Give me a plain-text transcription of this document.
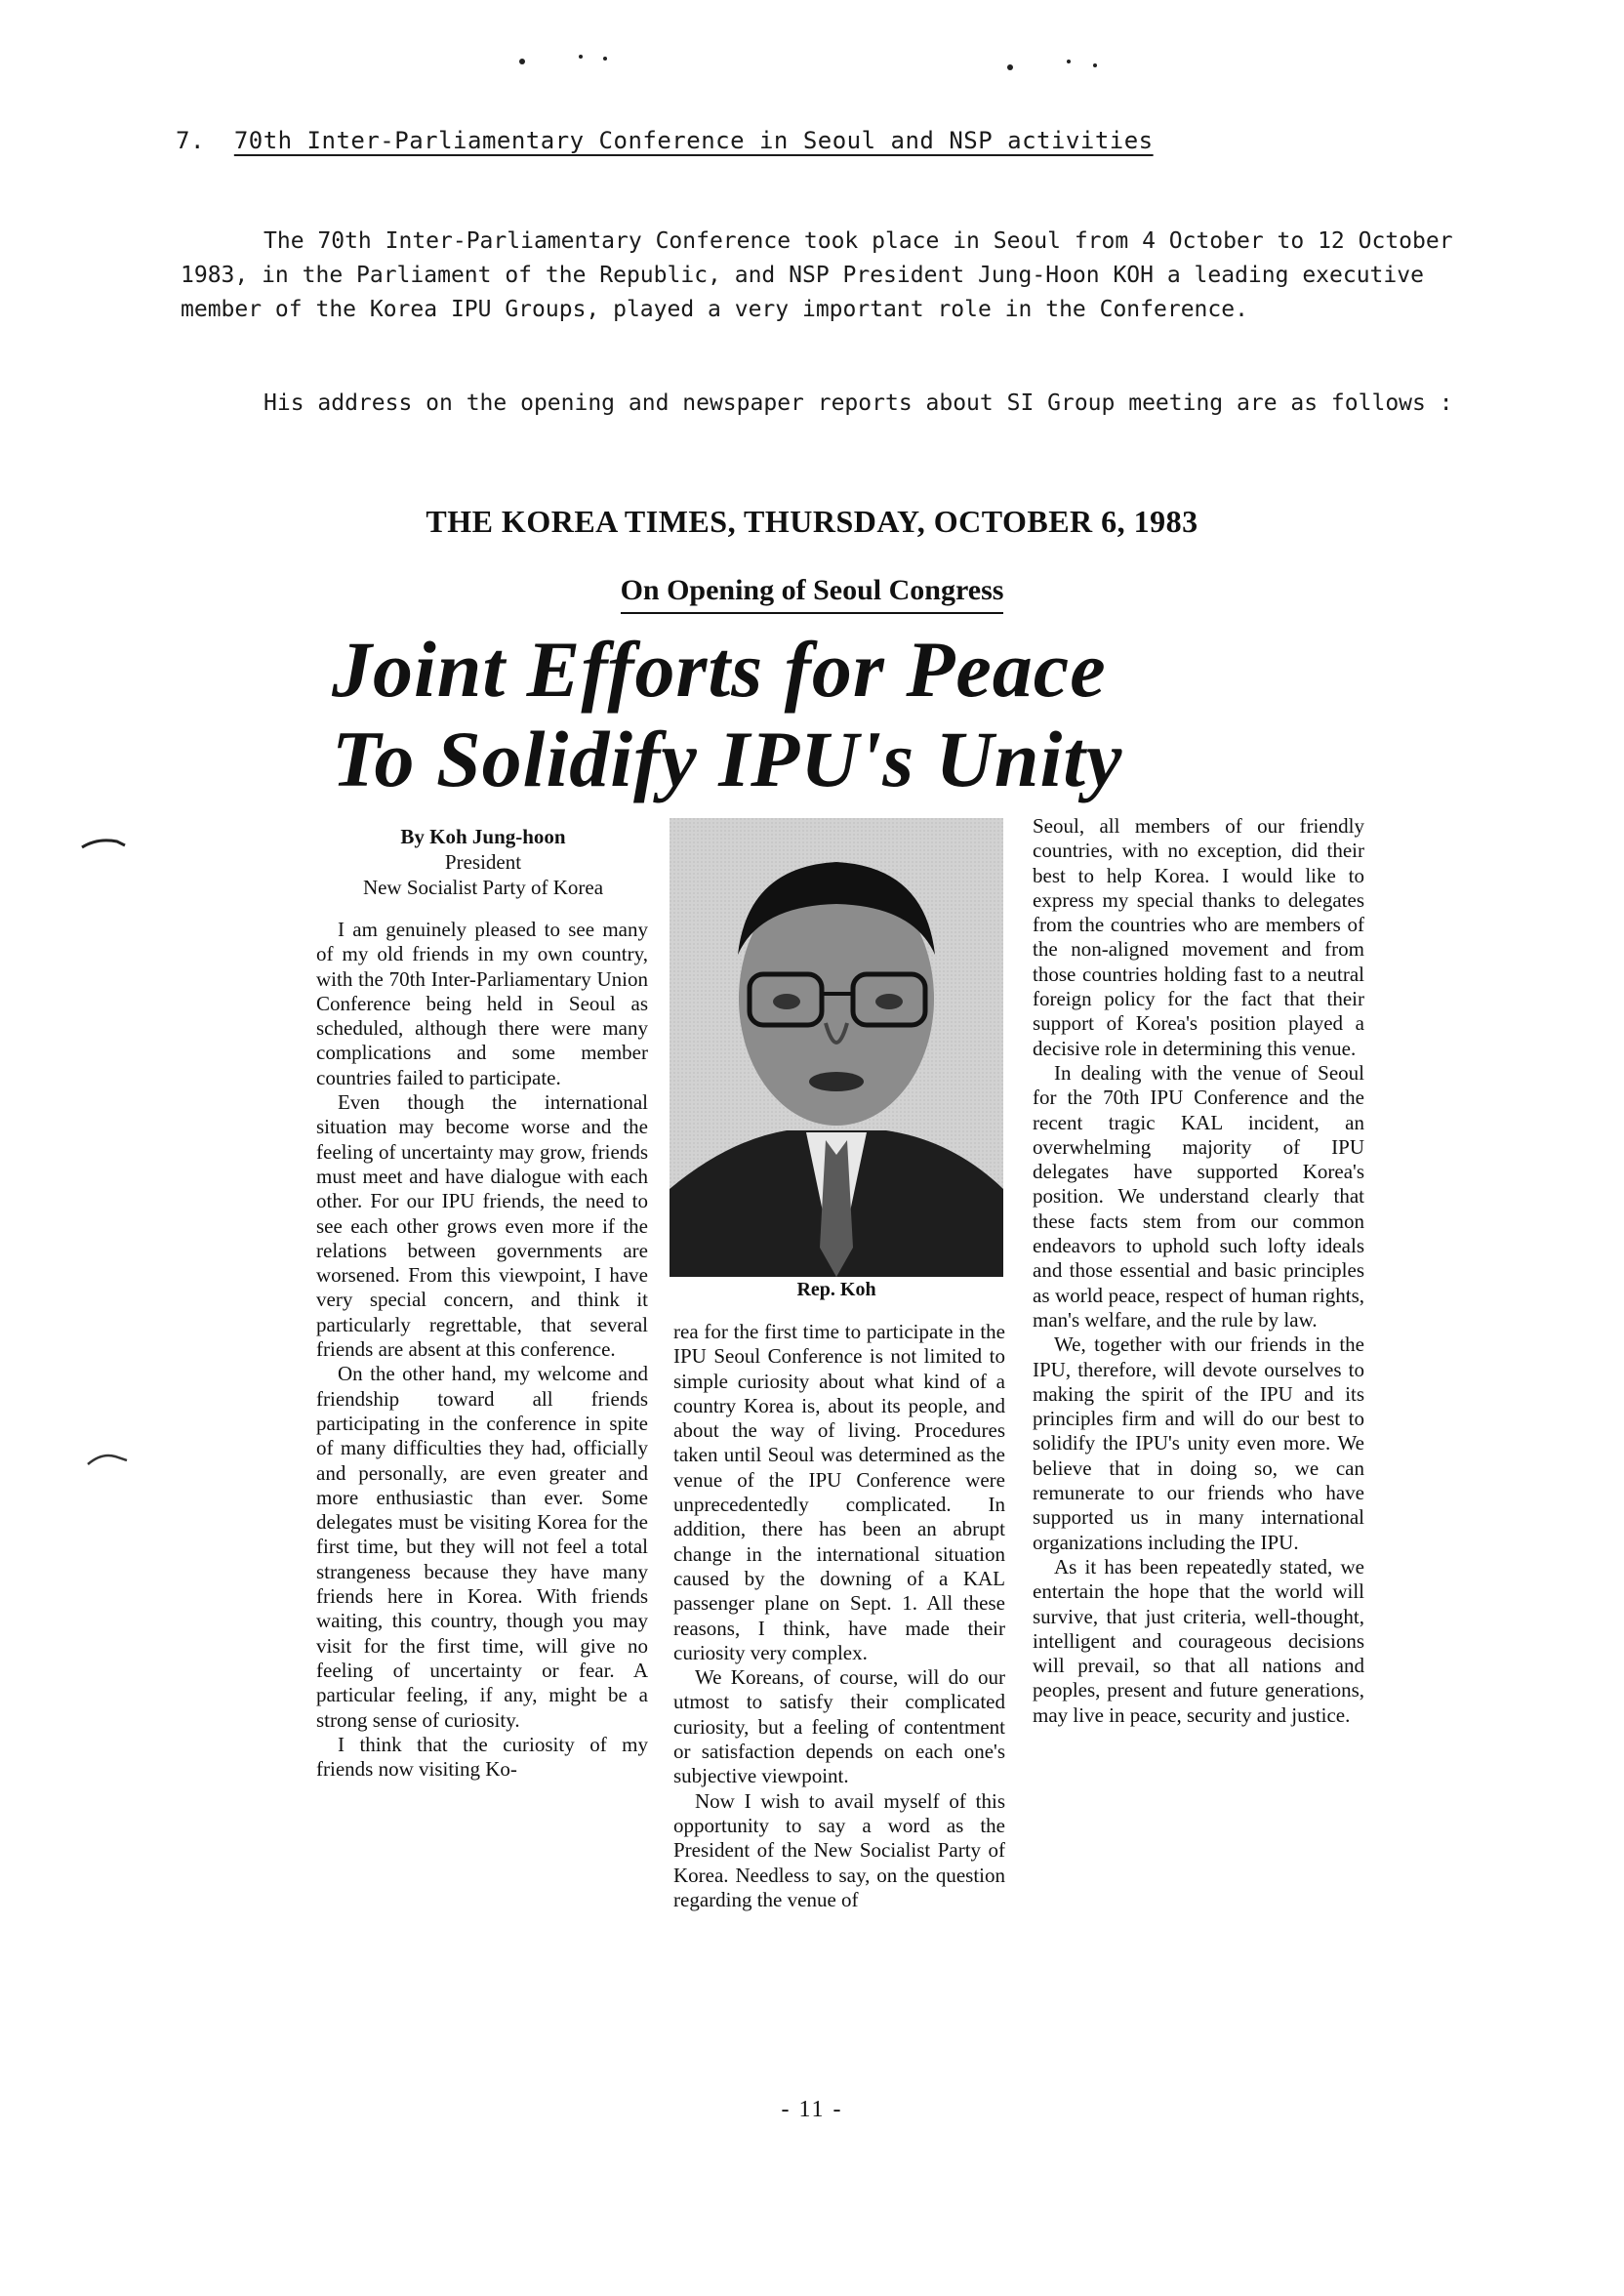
7. 70th Inter-Parliamentary Conference in Seoul and NSP activities

The 70th Inter-Parliamentary Conference took place in Seoul from 4 October to 12 October 1983, in the Parliament of the Republic, and NSP President Jung-Hoon KOH a leading executive member of the Korea IPU Groups, played a very important role in the Conference.

His address on the opening and newspaper reports about SI Group meeting are as follows :

THE KOREA TIMES, THURSDAY, OCTOBER 6, 1983
On Opening of Seoul Congress
Joint Efforts for Peace
To Solidify IPU's Unity
By Koh Jung-hoon
President
New Socialist Party of Korea

I am genuinely pleased to see many of my old friends in my own country, with the 70th Inter-Parliamentary Union Conference being held in Seoul as scheduled, although there were many complications and some member countries failed to participate.

Even though the international situation may become worse and the feeling of uncertainty may grow, friends must meet and have dialogue with each other. For our IPU friends, the need to see each other grows even more if the relations between governments are worsened. From this viewpoint, I have very special concern, and think it particularly regrettable, that several friends are absent at this conference.

On the other hand, my welcome and friendship toward all friends participating in the conference in spite of many difficulties they had, officially and personally, are even greater and more enthusiastic than ever. Some delegates must be visiting Korea for the first time, but they will not feel a total strangeness because they have many friends here in Korea. With friends waiting, this country, though you may visit for the first time, will give no feeling of uncertainty or fear. A particular feeling, if any, might be a strong sense of curiosity.

I think that the curiosity of my friends now visiting Ko-

Rep. Koh

rea for the first time to participate in the IPU Seoul Conference is not limited to simple curiosity about what kind of a country Korea is, about its people, and about the way of living. Procedures taken until Seoul was determined as the venue of the IPU Conference were unprecedentedly complicated. In addition, there has been an abrupt change in the international situation caused by the downing of a KAL passenger plane on Sept. 1. All these reasons, I think, have made their curiosity very complex.

We Koreans, of course, will do our utmost to satisfy their complicated curiosity, but a feeling of contentment or satisfaction depends on each one's subjective viewpoint.

Now I wish to avail myself of this opportunity to say a word as the President of the New Socialist Party of Korea. Needless to say, on the question regarding the venue of

Seoul, all members of our friendly countries, with no exception, did their best to help Korea. I would like to express my special thanks to delegates from the countries who are members of the non-aligned movement and from those countries holding fast to a neutral foreign policy for the fact that their support of Korea's position played a decisive role in determining this venue.

In dealing with the venue of Seoul for the 70th IPU Conference and the recent tragic KAL incident, an overwhelming majority of IPU delegates have supported Korea's position. We understand clearly that these facts stem from our common endeavors to uphold such lofty ideals and those essential and basic principles as world peace, respect of human rights, man's welfare, and the rule by law.

We, together with our friends in the IPU, therefore, will devote ourselves to making the spirit of the IPU and its principles firm and will do our best to solidify the IPU's unity even more. We believe that in doing so, we can remunerate to our friends who have supported us in many international organizations including the IPU.

As it has been repeatedly stated, we entertain the hope that the world will survive, that just criteria, well-thought, intelligent and courageous decisions will prevail, so that all nations and peoples, present and future generations, may live in peace, security and justice.

- 11 -
